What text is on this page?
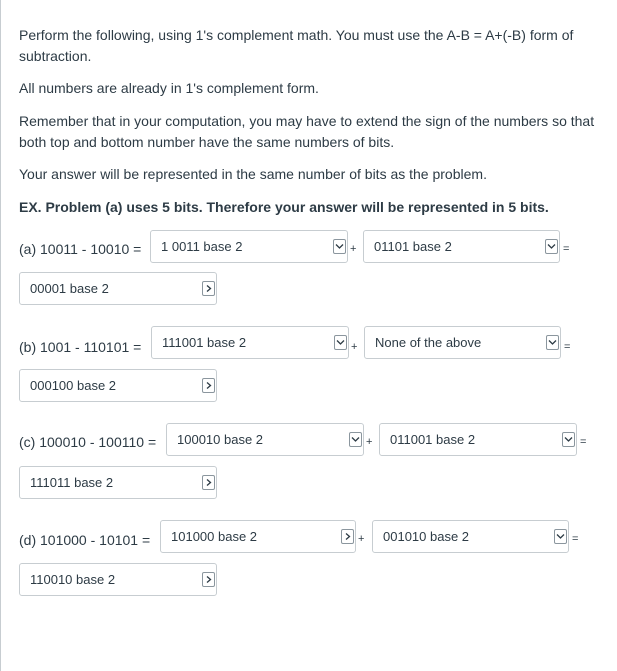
Perform the following, using 1's complement math. You must use the A-B = A+(-B) form of subtraction.

All numbers are already in 1's complement form.

Remember that in your computation, you may have to extend the sign of the numbers so that both top and bottom number have the same numbers of bits.

Your answer will be represented in the same number of bits as the problem.

EX. Problem (a) uses 5 bits. Therefore your answer will be represented in 5 bits.

(a) 10011 - 10010 = 1 0011 base 2	+ 01101 base 2	=
00001 base 2
(b) 1001 - 110101 = 111001 base 2	+ None of the above	=
000100 base 2
(c) 100010 - 100110 = 100010 base 2	+ 011001 base 2	=
111011 base 2
(d) 101000 - 10101 = 101000 base 2	+ 001010 base 2	=
110010 base 2
